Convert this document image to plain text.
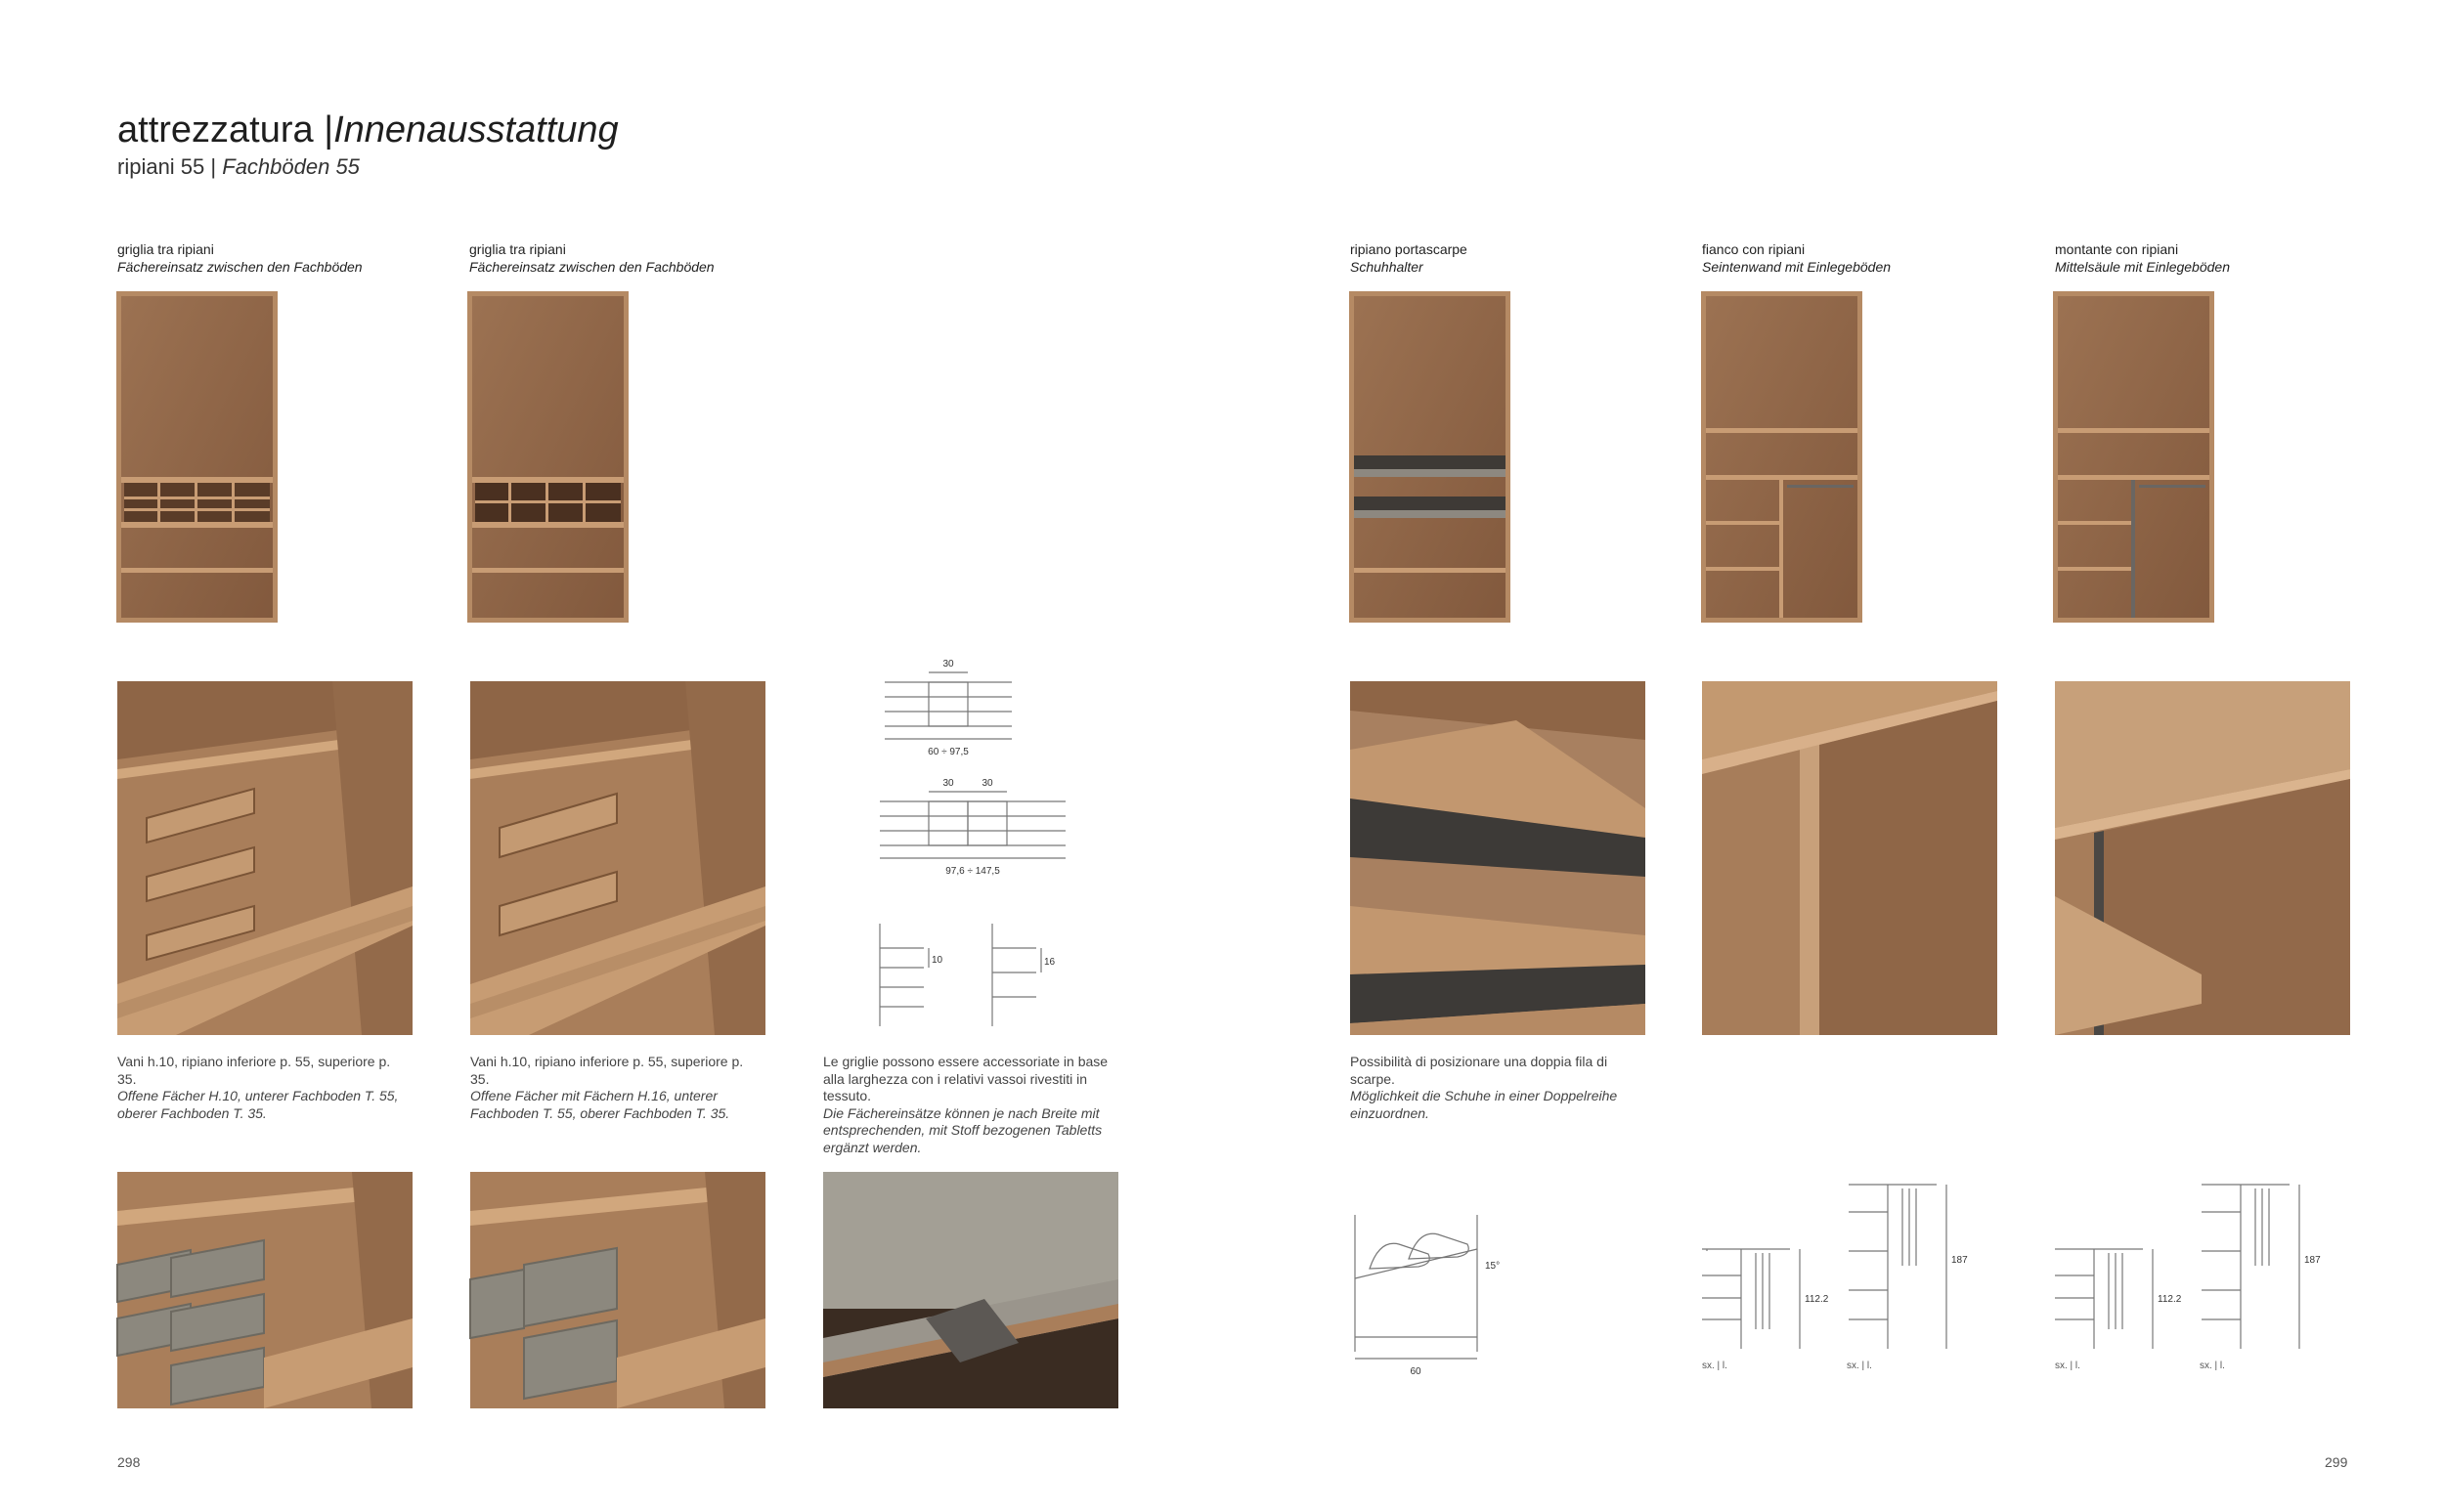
attrezzatura |Innenausstattung
ripiani 55 | Fachböden 55
griglia tra ripiani
Fächereinsatz zwischen den Fachböden
griglia tra ripiani
Fächereinsatz zwischen den Fachböden
ripiano portascarpe
Schuhhalter
fianco con ripiani
Seintenwand mit Einlegeböden
montante con ripiani
Mittelsäule mit Einlegeböden
30
60 ÷ 97,5
30	30
97,6 ÷ 147,5
10	16
Vani h.10, ripiano inferiore p. 55, superiore p. 35.
Offene Fächer H.10, unterer Fachboden T. 55, oberer Fachboden T. 35.
Vani h.10, ripiano inferiore p. 55, superiore p. 35.
Offene Fächer mit Fächern H.16, unterer Fachboden T. 55, oberer Fachboden T. 35.
Le griglie possono essere accessoriate in base alla larghezza con i relativi vassoi rivestiti in tessuto.
Die Fächereinsätze können je nach Breite mit entsprechenden, mit Stoff bezogenen Tabletts ergänzt werden.
Possibilità di posizionare una doppia fila di scarpe.
Möglichkeit die Schuhe in einer Doppelreihe einzuordnen.
15°
60
112.2
187
sx. | l.	sx. | l.
112.2
187
sx. | l.	sx. | l.
298	299
